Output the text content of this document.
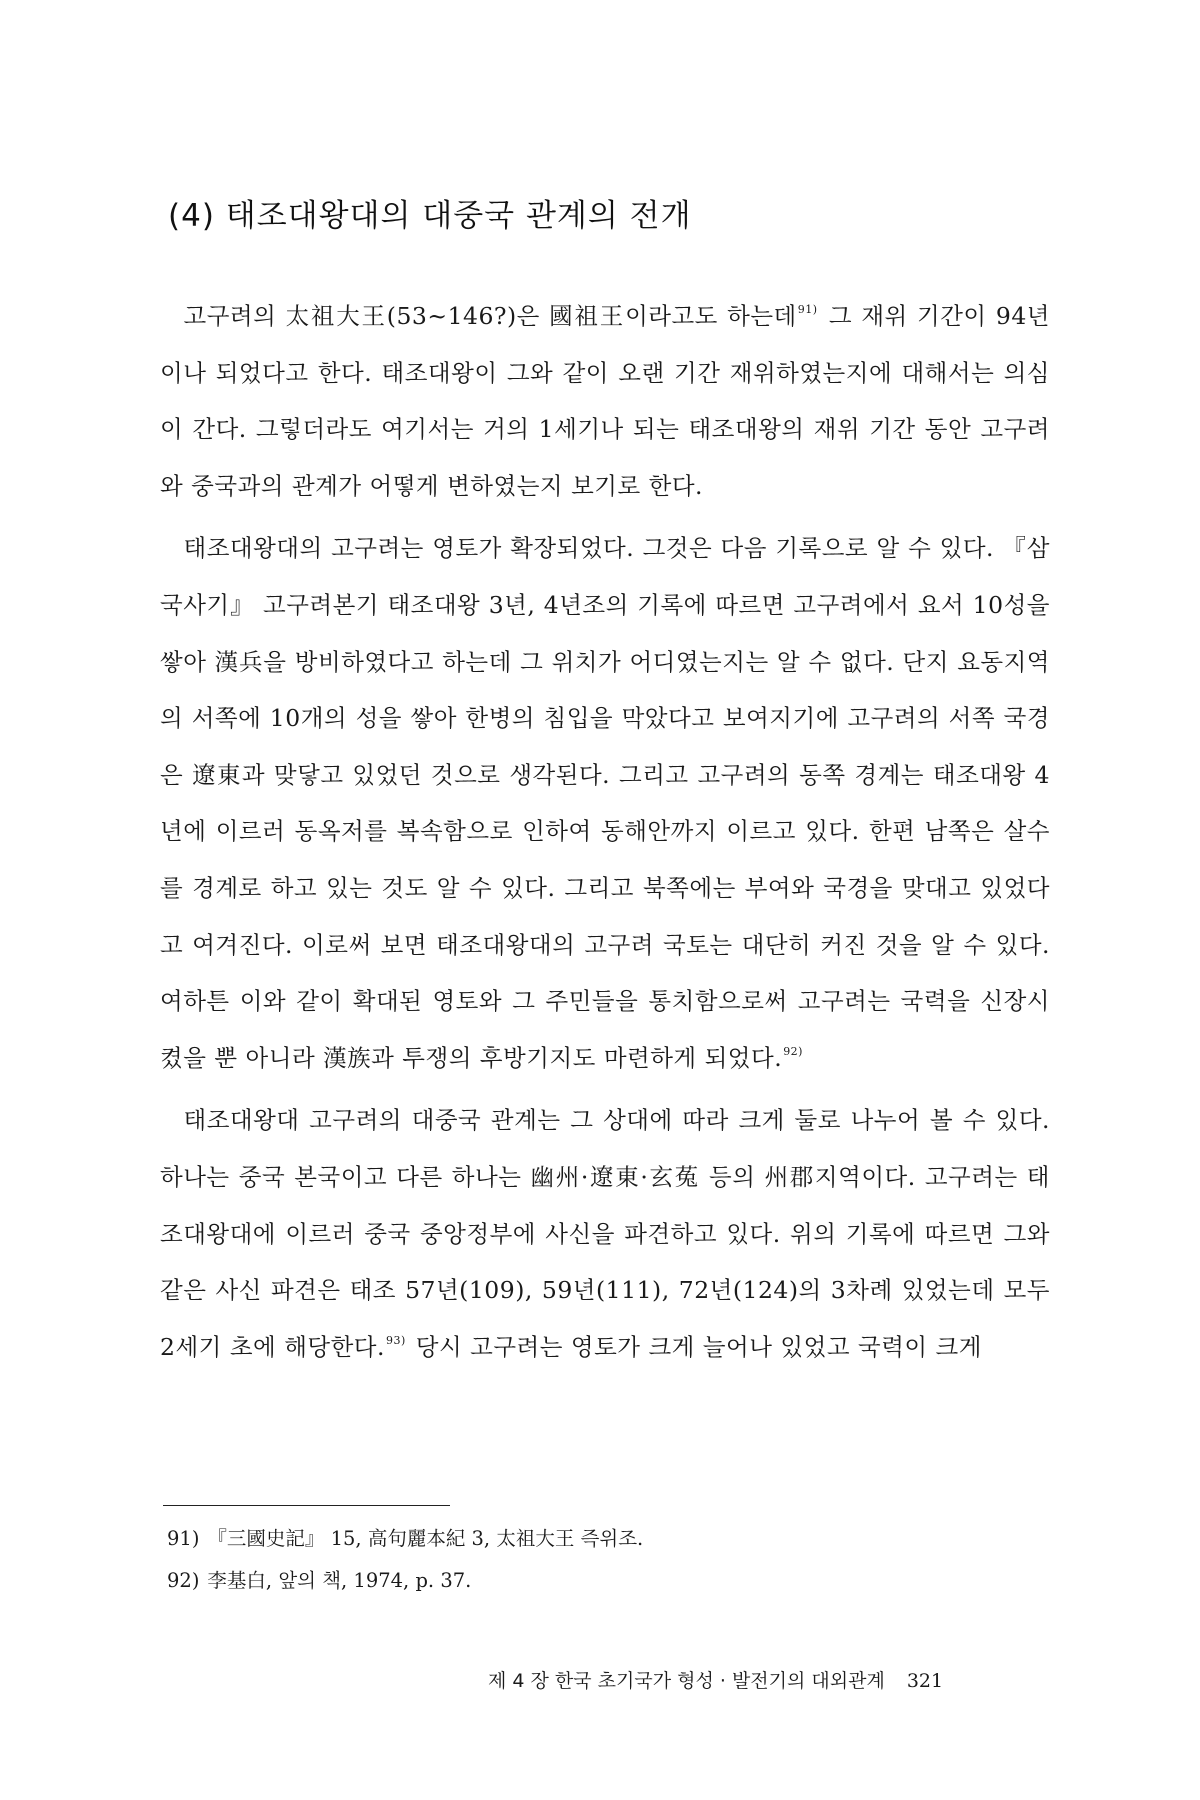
(4) 태조대왕대의 대중국 관계의 전개

고구려의 太祖大王(53~146?)은 國祖王이라고도 하는데$^{91)}$ 그 재위 기간이 94년이나 되었다고 한다. 태조대왕이 그와 같이 오랜 기간 재위하였는지에 대해서는 의심이 간다. 그렇더라도 여기서는 거의 1세기나 되는 태조대왕의 재위 기간 동안 고구려와 중국과의 관계가 어떻게 변하였는지 보기로 한다.

태조대왕대의 고구려는 영토가 확장되었다. 그것은 다음 기록으로 알 수 있다. 『삼국사기』 고구려본기 태조대왕 3년, 4년조의 기록에 따르면 고구려에서 요서 10성을 쌓아 漢兵을 방비하였다고 하는데 그 위치가 어디였는지는 알 수 없다. 단지 요동지역의 서쪽에 10개의 성을 쌓아 한병의 침입을 막았다고 보여지기에 고구려의 서쪽 국경은 遼東과 맞닿고 있었던 것으로 생각된다. 그리고 고구려의 동쪽 경계는 태조대왕 4년에 이르러 동옥저를 복속함으로 인하여 동해안까지 이르고 있다. 한편 남쪽은 살수를 경계로 하고 있는 것도 알 수 있다. 그리고 북쪽에는 부여와 국경을 맞대고 있었다고 여겨진다. 이로써 보면 태조대왕대의 고구려 국토는 대단히 커진 것을 알 수 있다. 여하튼 이와 같이 확대된 영토와 그 주민들을 통치함으로써 고구려는 국력을 신장시켰을 뿐 아니라 漢族과 투쟁의 후방기지도 마련하게 되었다.$^{92)}$

태조대왕대 고구려의 대중국 관계는 그 상대에 따라 크게 둘로 나누어 볼 수 있다. 하나는 중국 본국이고 다른 하나는 幽州·遼東·玄菟 등의 州郡지역이다. 고구려는 태조대왕대에 이르러 중국 중앙정부에 사신을 파견하고 있다. 위의 기록에 따르면 그와 같은 사신 파견은 태조 57년(109), 59년(111), 72년(124)의 3차례 있었는데 모두 2세기 초에 해당한다.$^{93)}$ 당시 고구려는 영토가 크게 늘어나 있었고 국력이 크게

91) 『三國史記』 15, 高句麗本紀 3, 太祖大王 즉위조.
92) 李基白, 앞의 책, 1974, p. 37.
제 4 장 한국 초기국가 형성 · 발전기의 대외관계 321
